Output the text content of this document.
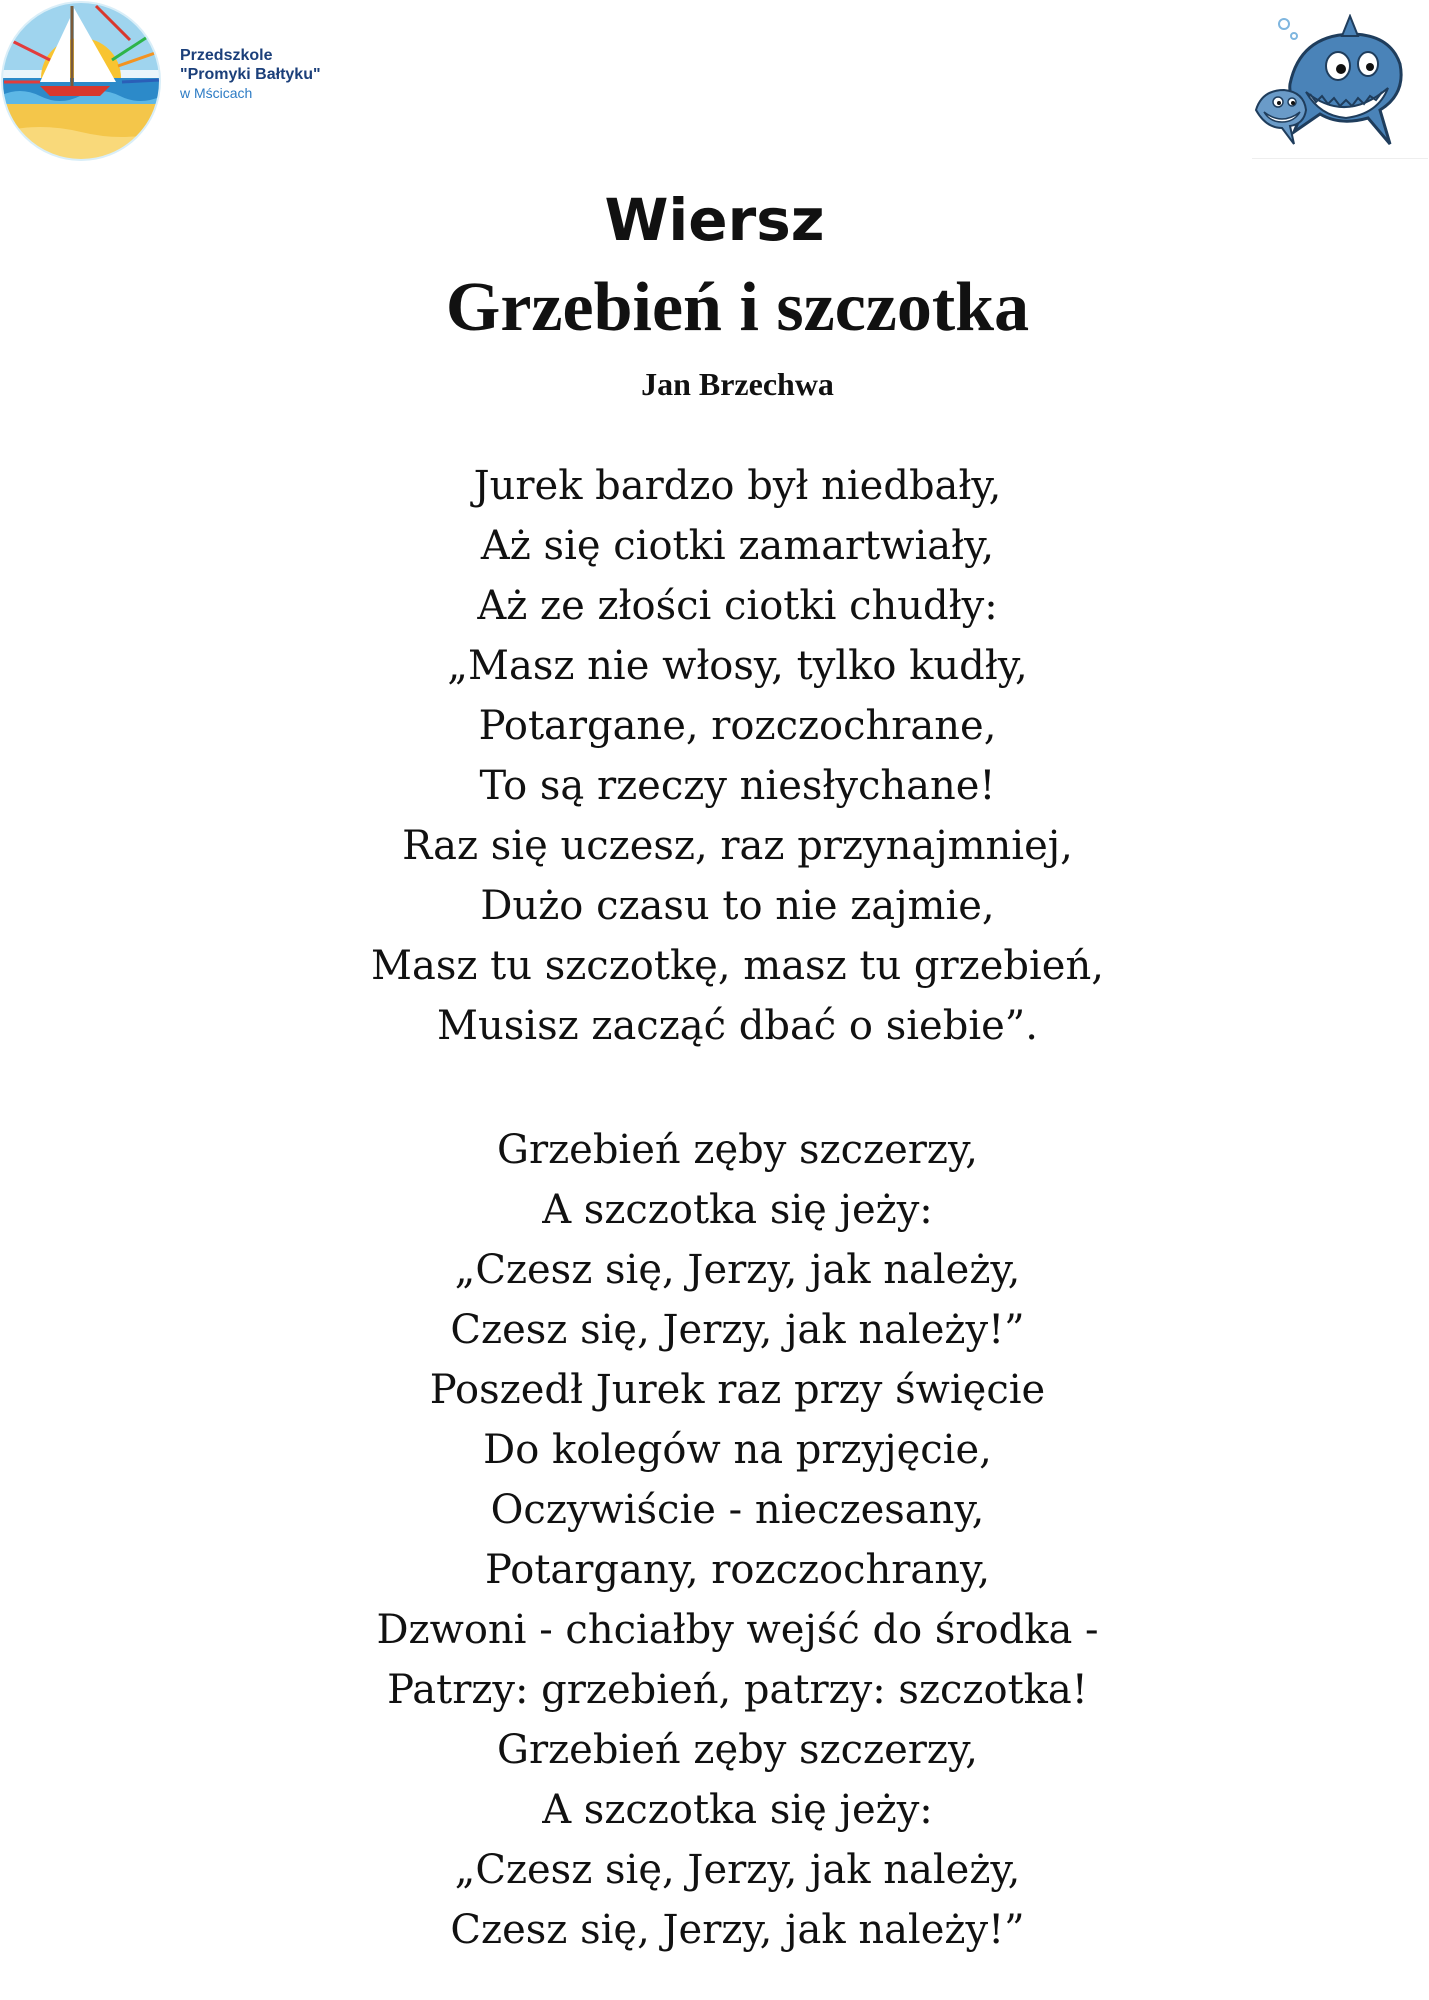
Przedszkole
"Promyki Bałtyku"
w Mścicach
Wiersz
Grzebień i szczotka
Jan Brzechwa
Jurek bardzo był niedbały,
Aż się ciotki zamartwiały,
Aż ze złości ciotki chudły:
„Masz nie włosy, tylko kudły,
Potargane, rozczochrane,
To są rzeczy niesłychane!
Raz się uczesz, raz przynajmniej,
Dużo czasu to nie zajmie,
Masz tu szczotkę, masz tu grzebień,
Musisz zacząć dbać o siebie”.
Grzebień zęby szczerzy,
A szczotka się jeży:
„Czesz się, Jerzy, jak należy,
Czesz się, Jerzy, jak należy!”
Poszedł Jurek raz przy święcie
Do kolegów na przyjęcie,
Oczywiście - nieczesany,
Potargany, rozczochrany,
Dzwoni - chciałby wejść do środka -
Patrzy: grzebień, patrzy: szczotka!
Grzebień zęby szczerzy,
A szczotka się jeży:
„Czesz się, Jerzy, jak należy,
Czesz się, Jerzy, jak należy!”
